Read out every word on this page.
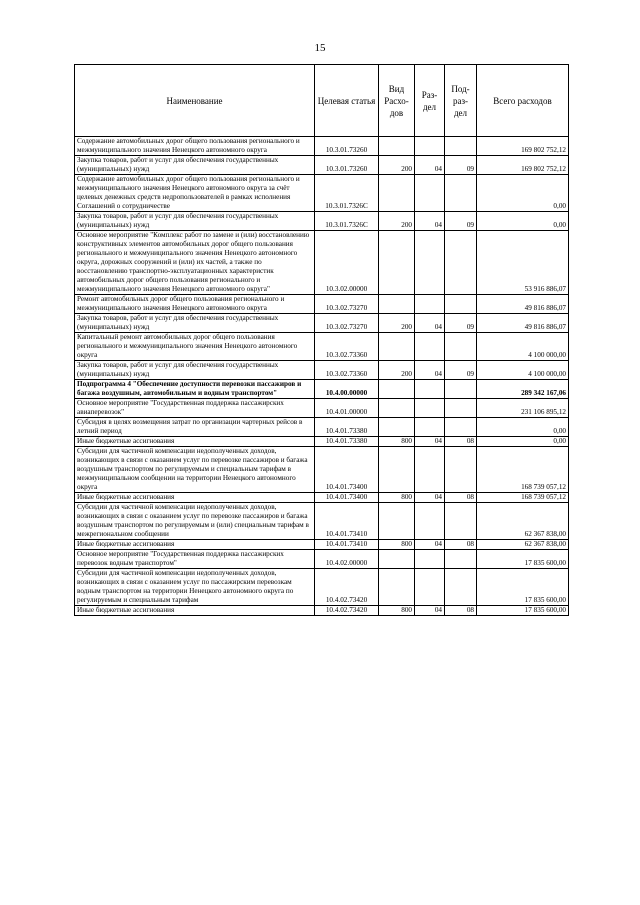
15
Наименование	Целевая статья	Вид Расхо- дов	Раз- дел	Под- раз- дел	Всего расходов
Содержание автомобильных дорог общего пользования регионального и межмуниципального значения Ненецкого автономного округа	10.3.01.73260				169 802 752,12
Закупка товаров, работ и услуг для обеспечения государственных (муниципальных) нужд	10.3.01.73260	200	04	09	169 802 752,12
Содержание автомобильных дорог общего пользования регионального и межмуниципального значения Ненецкого автономного округа за счёт целевых денежных средств недропользователей в рамках исполнения Соглашений о сотрудничестве	10.3.01.7326С				0,00
Закупка товаров, работ и услуг для обеспечения государственных (муниципальных) нужд	10.3.01.7326С	200	04	09	0,00
Основное мероприятие "Комплекс работ по замене и (или) восстановлению конструктивных элементов автомобильных дорог общего пользования регионального и межмуниципального значения Ненецкого автономного округа, дорожных сооружений и (или) их частей, а также по восстановлению транспортно-эксплуатационных характеристик автомобильных дорог общего пользования регионального и межмуниципального значения Ненецкого автономного округа"	10.3.02.00000				53 916 886,07
Ремонт автомобильных дорог общего пользования регионального и межмуниципального значения Ненецкого автономного округа	10.3.02.73270				49 816 886,07
Закупка товаров, работ и услуг для обеспечения государственных (муниципальных) нужд	10.3.02.73270	200	04	09	49 816 886,07
Капитальный ремонт автомобильных дорог общего пользования регионального и межмуниципального значения Ненецкого автономного округа	10.3.02.73360				4 100 000,00
Закупка товаров, работ и услуг для обеспечения государственных (муниципальных) нужд	10.3.02.73360	200	04	09	4 100 000,00
Подпрограмма 4 "Обеспечение доступности перевозки пассажиров и багажа воздушным, автомобильным и водным транспортом"	10.4.00.00000				289 342 167,06
Основное мероприятие "Государственная поддержка пассажирских авиаперевозок"	10.4.01.00000				231 106 895,12
Субсидия в целях возмещения затрат по организации чартерных рейсов в летний период	10.4.01.73380				0,00
Иные бюджетные ассигнования	10.4.01.73380	800	04	08	0,00
Субсидии для частичной компенсации недополученных доходов, возникающих в связи с оказанием услуг по перевозке пассажиров и багажа воздушным транспортом по регулируемым и специальным тарифам в межмуниципальном сообщении на территории Ненецкого автономного округа	10.4.01.73400				168 739 057,12
Иные бюджетные ассигнования	10.4.01.73400	800	04	08	168 739 057,12
Субсидии для частичной компенсации недополученных доходов, возникающих в связи с оказанием услуг по перевозке пассажиров и багажа воздушным транспортом по регулируемым и (или) специальным тарифам в межрегиональном сообщении	10.4.01.73410				62 367 838,00
Иные бюджетные ассигнования	10.4.01.73410	800	04	08	62 367 838,00
Основное мероприятие "Государственная поддержка пассажирских перевозок водным транспортом"	10.4.02.00000				17 835 600,00
Субсидии для частичной компенсации недополученных доходов, возникающих в связи с оказанием услуг по пассажирским перевозкам водным транспортом на территории Ненецкого автономного округа по регулируемым и специальным тарифам	10.4.02.73420				17 835 600,00
Иные бюджетные ассигнования	10.4.02.73420	800	04	08	17 835 600,00
